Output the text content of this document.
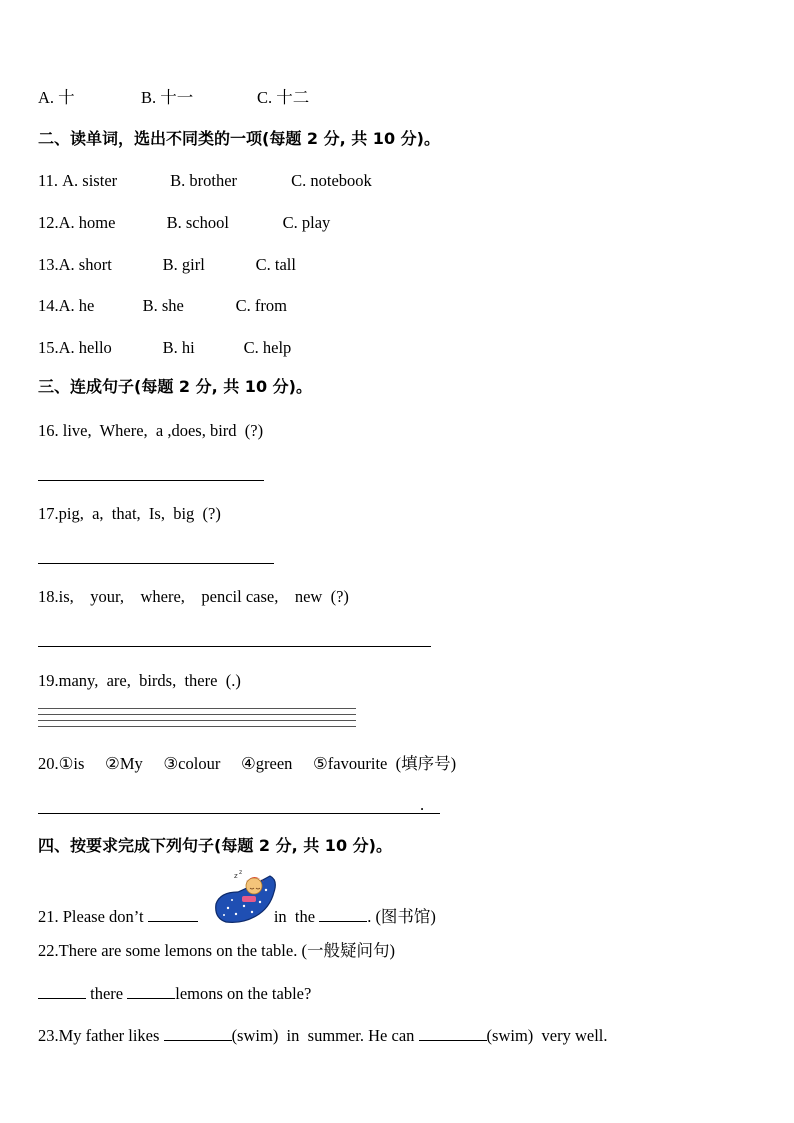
A. 十	B. 十一	C. 十二
二、读单词，选出不同类的一项(每题 2 分, 共 10 分)。
11. A. sister	B. brother	C. notebook
12.A. home	B. school	C. play
13.A. short	B. girl	C. tall
14.A. he	B. she	C. from
15.A. hello	B. hi	C. help
三、连成句子(每题 2 分, 共 10 分)。
16. live,  Where,  a ,does, bird  (?)
17.pig,  a,  that,  Is,  big  (?)
18.is,    your,    where,    pencil case,    new  (?)
19.many,  are,  birds,  there  (.)
20.①is     ②My     ③colour     ④green     ⑤favourite  (填序号)
.
四、按要求完成下列句子(每题 2 分, 共 10 分)。
21. Please don’t	in  the	. (图书馆)
z z
22.There are some lemons on the table. (一般疑问句)
there	lemons on the table?
23.My father likes	(swim)  in  summer. He can	(swim)  very well.
